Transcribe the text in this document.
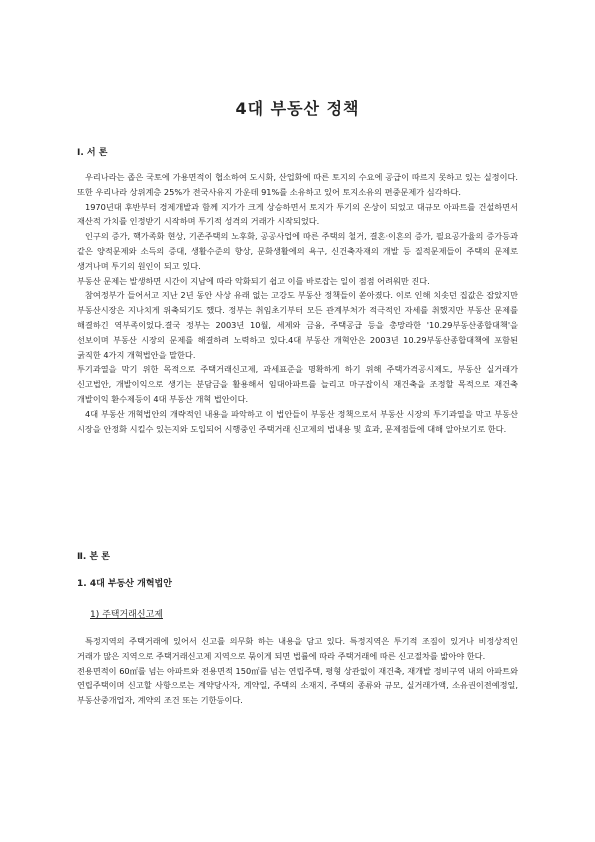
4대 부동산 정책
Ⅰ. 서 론

우리나라는 좁은 국토에 가용면적이 협소하여 도시화, 산업화에 따른 토지의 수요에 공급이 따르지 못하고 있는 실정이다. 또한 우리나라 상위계층 25%가 전국사유지 가운데 91%를 소유하고 있어 토지소유의 편중문제가 심각하다.

1970년대 후반부터 경제개발과 함께 지가가 크게 상승하면서 토지가 투기의 온상이 되었고 대규모 아파트를 건설하면서 재산적 가치를 인정받기 시작하며 투기적 성격의 거래가 시작되었다.

인구의 증가, 핵가족화 현상, 기존주택의 노후화, 공공사업에 따른 주택의 철거, 결혼·이혼의 증가, 필요공가율의 증가등과 같은 양적문제와 소득의 증대, 생활수준의 향상, 문화생활에의 욕구, 신건축자재의 개발 등 질적문제들이 주택의 문제로 생겨나며 투기의 원인이 되고 있다.

부동산 문제는 발생하면 시간이 지남에 따라 악화되기 쉽고 이를 바로잡는 일이 점점 어려워만 진다.

참여정부가 들어서고 지난 2년 동안 사상 유래 없는 고강도 부동산 정책들이 쏟아졌다. 이로 인해 치솟던 집값은 잡았지만 부동산시장은 지나치게 위축되기도 했다. 정부는 취임초기부터 모든 관계부처가 적극적인 자세를 취했지만 부동산 문제를 해결하긴 역부족이었다.결국 정부는 2003년 10월, 세제와 금융, 주택공급 등을 총망라한 '10.29부동산종합대책'을 선보이며 부동산 시장의 문제를 해결하려 노력하고 있다.4대 부동산 개혁안은 2003년 10.29부동산종합대책에 포함된 굵직한 4가지 개혁법안을 말한다.

투기과열을 막기 위한 목적으로 주택거래신고제, 과세표준을 명확하게 하기 위해 주택가격공시제도, 부동산 실거래가 신고법안, 개발이익으로 생기는 분담금을 활용해서 임대아파트를 늘리고 마구잡이식 재건축을 조정할 목적으로 재건축 개발이익 환수제등이 4대 부동산 개혁 법안이다.

4대 부동산 개혁법안의 개략적인 내용을 파악하고 이 법안들이 부동산 정책으로서 부동산 시장의 투기과열을 막고 부동산 시장을 안정화 시킬수 있는지와 도입되어 시행중인 주택거래 신고제의 법내용 및 효과, 문제점들에 대해 알아보기로 한다.

Ⅱ. 본 론
1. 4대 부동산 개혁법안
1) 주택거래신고제

특정지역의 주택거래에 있어서 신고를 의무화 하는 내용을 담고 있다. 특정지역은 투기적 조짐이 있거나 비정상적인 거래가 많은 지역으로 주택거래신고제 지역으로 묶이게 되면 법률에 따라 주택거래에 따른 신고절차를 밟아야 한다.

전용면적이 60㎡를 넘는 아파트와 전용면적 150㎡를 넘는 연립주택, 평형 상관없이 재건축, 재개발 정비구역 내의 아파트와 연립주택이며 신고할 사항으로는 계약당사자, 계약일, 주택의 소재지, 주택의 종류와 규모, 실거래가액, 소유권이전예정일, 부동산중개업자, 계약의 조건 또는 기한등이다.
